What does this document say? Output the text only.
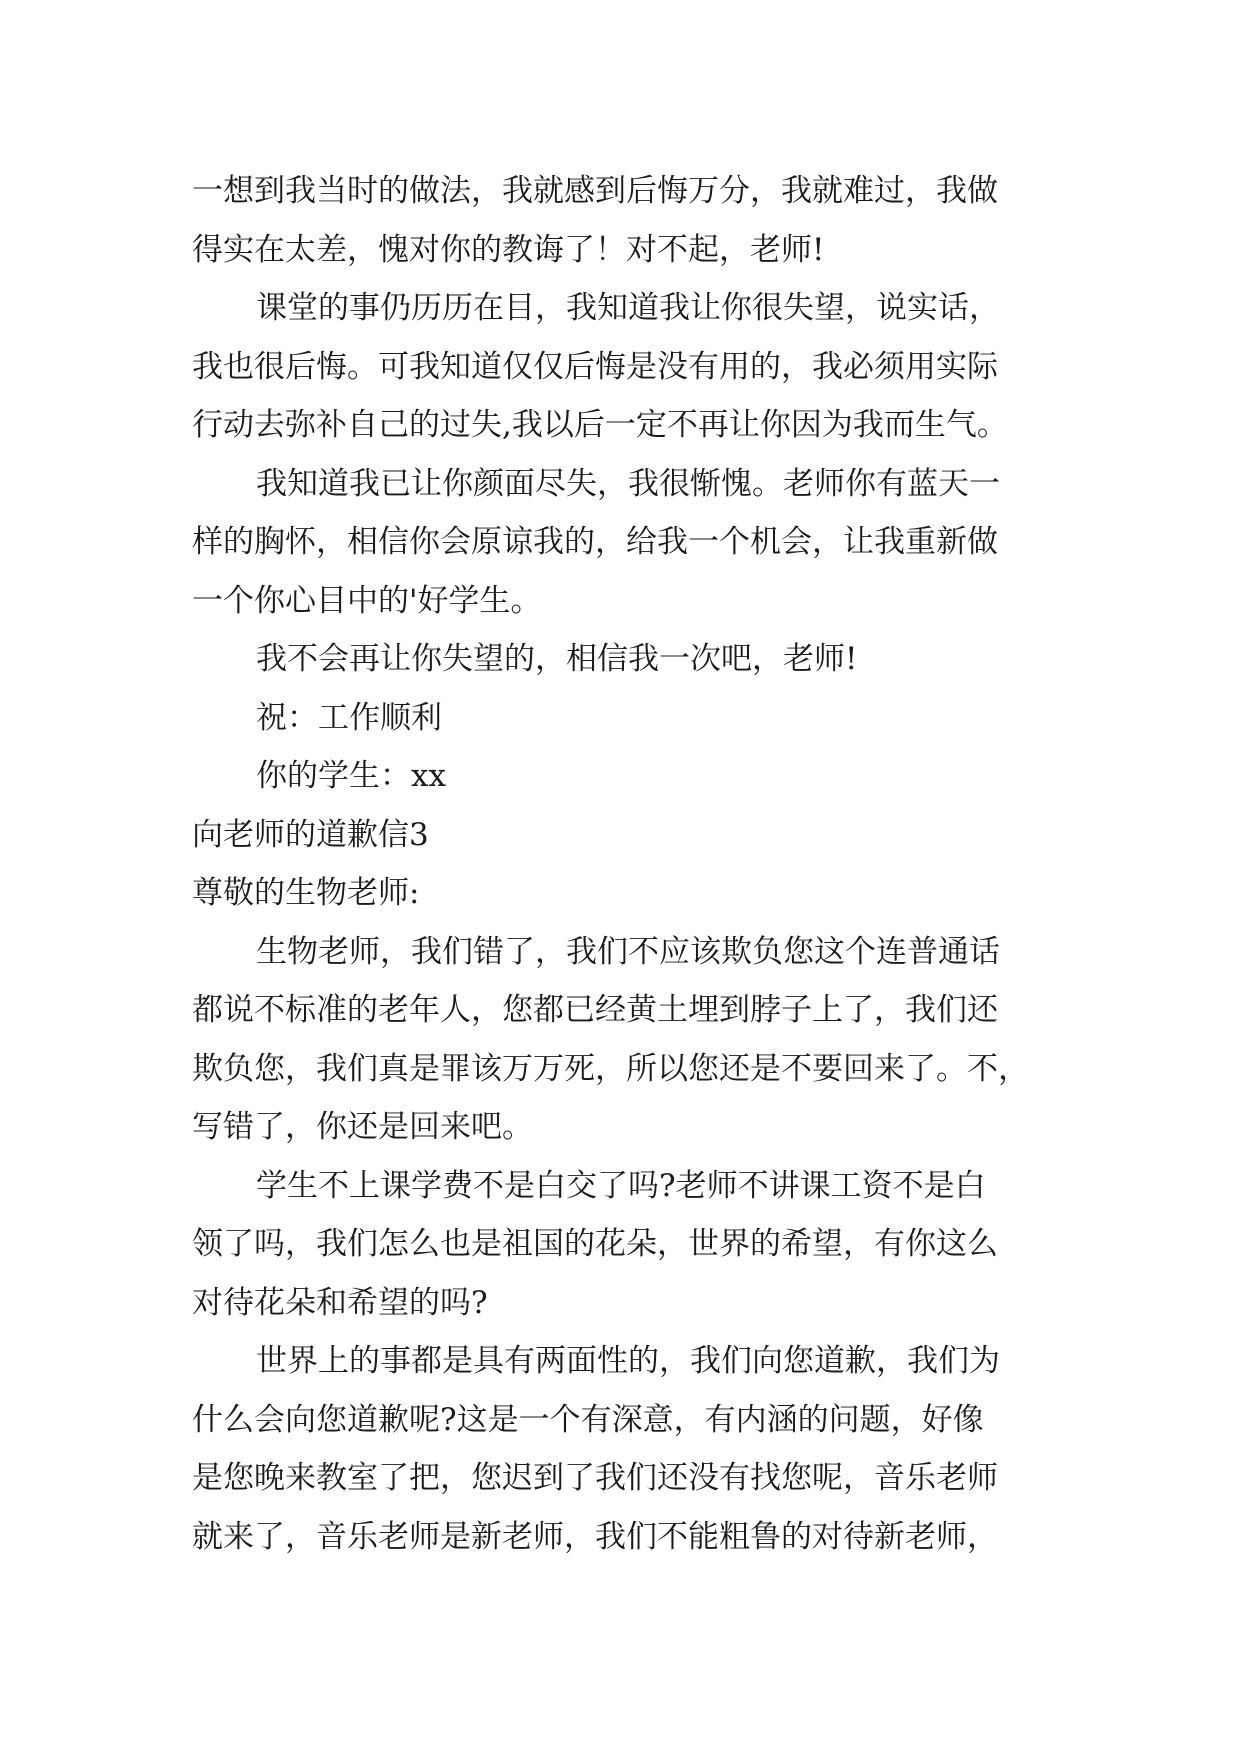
一想到我当时的做法，我就感到后悔万分，我就难过，我做

得实在太差，愧对你的教诲了！对不起，老师!

课堂的事仍历历在目，我知道我让你很失望，说实话，

我也很后悔。可我知道仅仅后悔是没有用的，我必须用实际

行动去弥补自己的过失,我以后一定不再让你因为我而生气。

我知道我已让你颜面尽失，我很惭愧。老师你有蓝天一

样的胸怀，相信你会原谅我的，给我一个机会，让我重新做

一个你心目中的'好学生。

我不会再让你失望的，相信我一次吧，老师!

祝：工作顺利

你的学生：xx

向老师的道歉信3

尊敬的生物老师:

生物老师，我们错了，我们不应该欺负您这个连普通话

都说不标准的老年人，您都已经黄土埋到脖子上了，我们还

欺负您，我们真是罪该万万死，所以您还是不要回来了。不，

写错了，你还是回来吧。

学生不上课学费不是白交了吗?老师不讲课工资不是白

领了吗，我们怎么也是祖国的花朵，世界的希望，有你这么

对待花朵和希望的吗?

世界上的事都是具有两面性的，我们向您道歉，我们为

什么会向您道歉呢?这是一个有深意，有内涵的问题，好像

是您晚来教室了把，您迟到了我们还没有找您呢，音乐老师

就来了，音乐老师是新老师，我们不能粗鲁的对待新老师，
